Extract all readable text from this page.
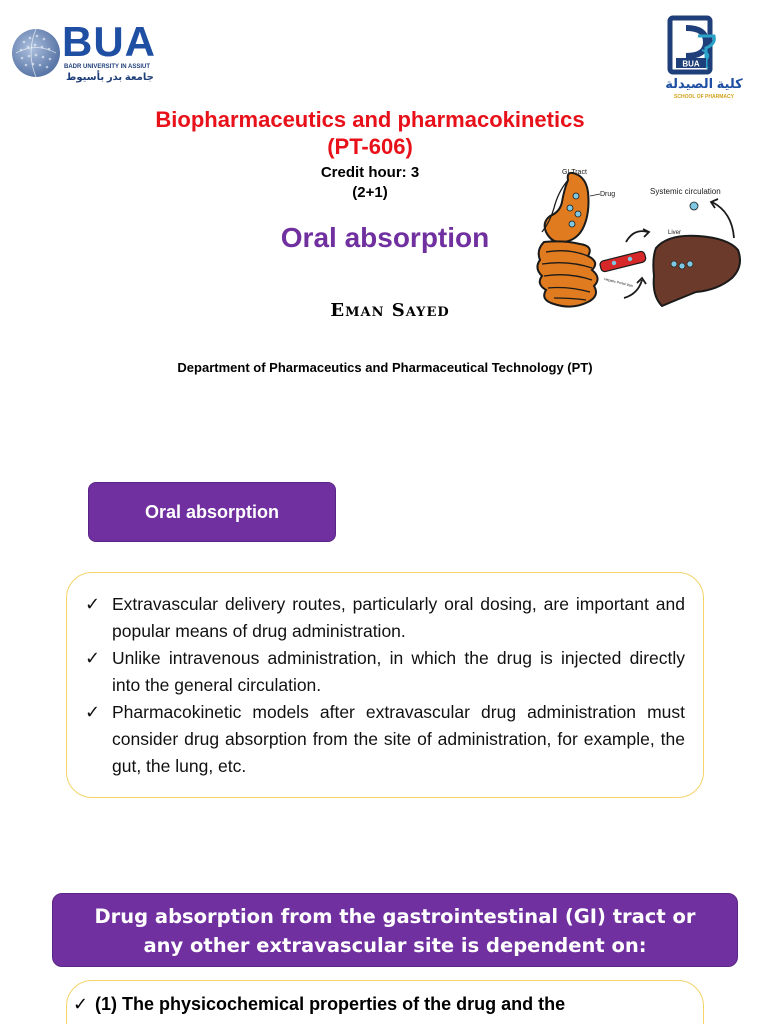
BUA
BADR UNIVERSITY IN ASSIUT
جامعة بدر بأسيوط
BUA
كلية الصيدلة
SCHOOL OF PHARMACY
Biopharmaceutics and pharmacokinetics
(PT-606)
Credit hour: 3
(2+1)
Oral absorption
Eman Sayed
Department of Pharmaceutics and Pharmaceutical Technology (PT)
GI Tract
Drug	Systemic circulation
Liver
Hepatic Portal Vein
Oral absorption
✓ Extravascular delivery routes, particularly oral dosing, are important and popular means of drug administration.
✓ Unlike intravenous administration, in which the drug is injected directly into the general circulation.
✓ Pharmacokinetic models after extravascular drug administration must consider drug absorption from the site of administration, for example, the gut, the lung, etc.
Drug absorption from the gastrointestinal (GI) tract or
any other extravascular site is dependent on:
✓ (1) The physicochemical properties of the drug and the
